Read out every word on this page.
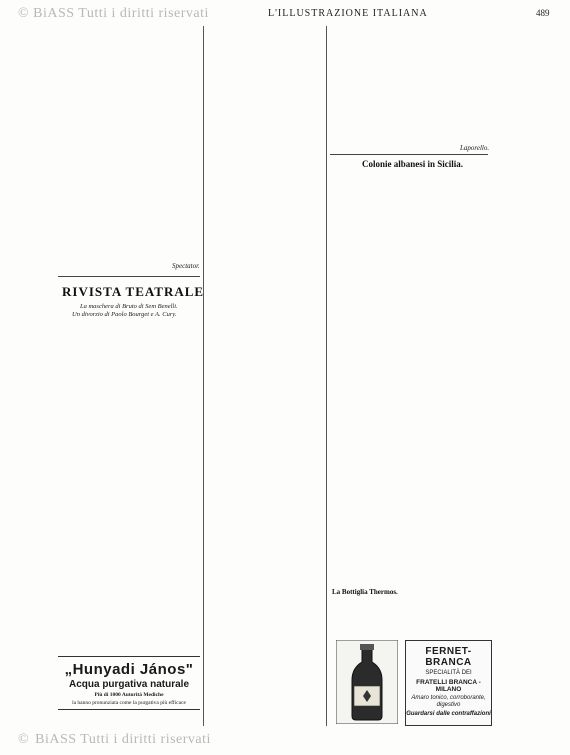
© BiASS Tutti i diritti riservati
© BiASS Tutti i diritti riservati
L'ILLUSTRAZIONE ITALIANA	489
Spectator.
RIVISTA TEATRALE
La maschera di Bruto di Sem Benelli.
Un divorzio di Paolo Bourget e A. Cury.
„Hunyadi János"
Acqua purgativa naturale
Più di 1000 Autorità Mediche
la hanno pronunziata come la purgativa più efficace
Laporello.
Colonie albanesi in Sicilia.
La Bottiglia Thermos.
FERNET-BRANCA
SPECIALITÀ DEI
FRATELLI BRANCA - MILANO
Amaro tonico, corroborante, digestivo
Guardarsi dalle contraffazioni
